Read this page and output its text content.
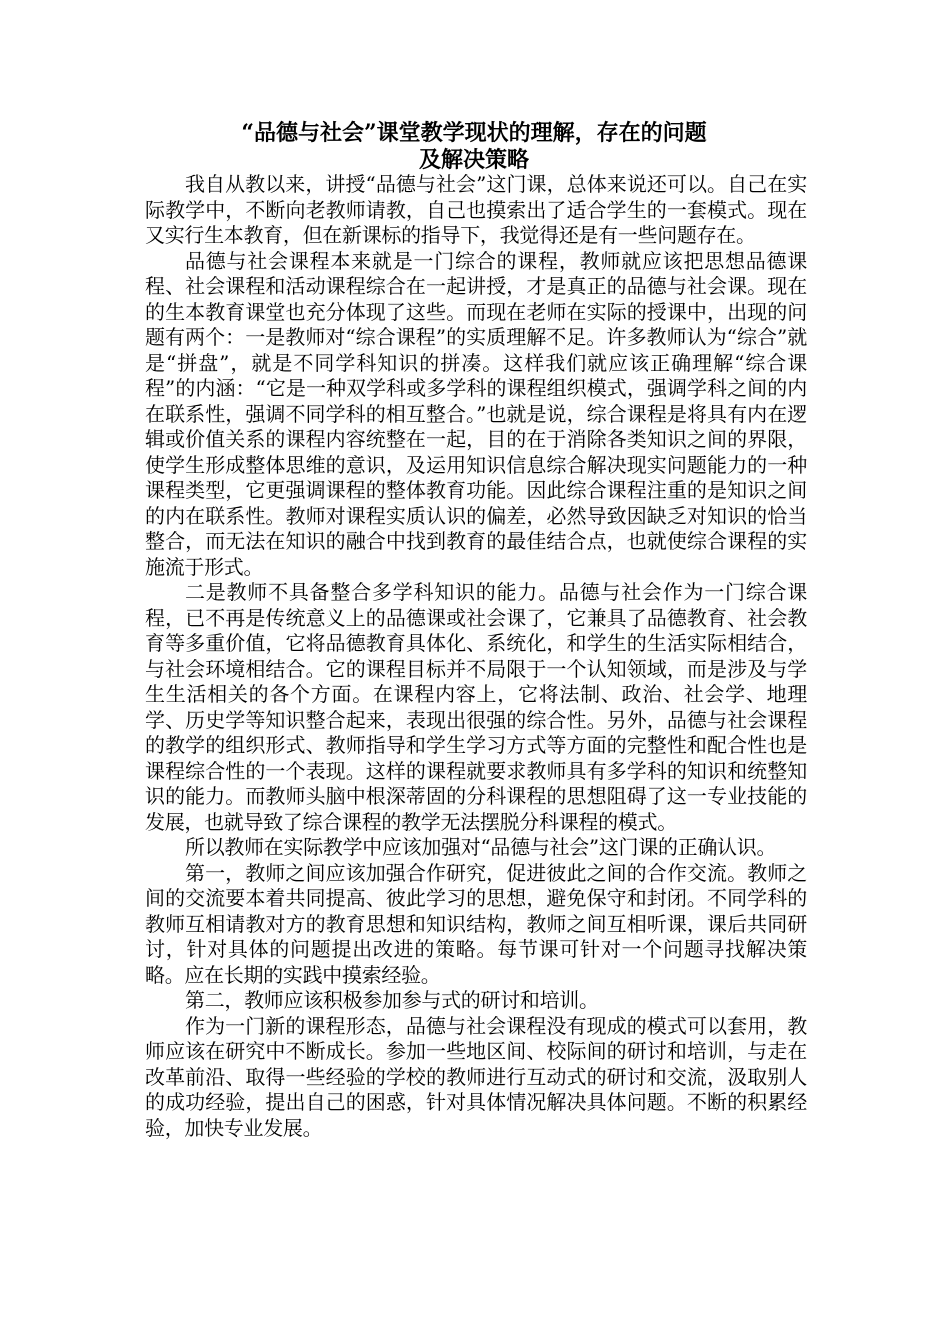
“品德与社会”课堂教学现状的理解，存在的问题
及解决策略

我自从教以来，讲授“品德与社会”这门课，总体来说还可以。自己在实际教学中，不断向老教师请教，自己也摸索出了适合学生的一套模式。现在又实行生本教育，但在新课标的指导下，我觉得还是有一些问题存在。

品德与社会课程本来就是一门综合的课程，教师就应该把思想品德课程、社会课程和活动课程综合在一起讲授，才是真正的品德与社会课。现在的生本教育课堂也充分体现了这些。而现在老师在实际的授课中，出现的问题有两个：一是教师对“综合课程”的实质理解不足。许多教师认为“综合”就是“拼盘”，就是不同学科知识的拼凑。这样我们就应该正确理解“综合课程”的内涵：“它是一种双学科或多学科的课程组织模式，强调学科之间的内在联系性，强调不同学科的相互整合。”也就是说，综合课程是将具有内在逻辑或价值关系的课程内容统整在一起，目的在于消除各类知识之间的界限，使学生形成整体思维的意识，及运用知识信息综合解决现实问题能力的一种课程类型，它更强调课程的整体教育功能。因此综合课程注重的是知识之间的内在联系性。教师对课程实质认识的偏差，必然导致因缺乏对知识的恰当整合，而无法在知识的融合中找到教育的最佳结合点，也就使综合课程的实施流于形式。

二是教师不具备整合多学科知识的能力。品德与社会作为一门综合课程，已不再是传统意义上的品德课或社会课了，它兼具了品德教育、社会教育等多重价值，它将品德教育具体化、系统化，和学生的生活实际相结合，与社会环境相结合。它的课程目标并不局限于一个认知领域，而是涉及与学生生活相关的各个方面。在课程内容上，它将法制、政治、社会学、地理学、历史学等知识整合起来，表现出很强的综合性。另外，品德与社会课程的教学的组织形式、教师指导和学生学习方式等方面的完整性和配合性也是课程综合性的一个表现。这样的课程就要求教师具有多学科的知识和统整知识的能力。而教师头脑中根深蒂固的分科课程的思想阻碍了这一专业技能的发展，也就导致了综合课程的教学无法摆脱分科课程的模式。

所以教师在实际教学中应该加强对“品德与社会”这门课的正确认识。

第一，教师之间应该加强合作研究，促进彼此之间的合作交流。教师之间的交流要本着共同提高、彼此学习的思想，避免保守和封闭。不同学科的教师互相请教对方的教育思想和知识结构，教师之间互相听课，课后共同研讨，针对具体的问题提出改进的策略。每节课可针对一个问题寻找解决策略。应在长期的实践中摸索经验。

第二，教师应该积极参加参与式的研讨和培训。

作为一门新的课程形态，品德与社会课程没有现成的模式可以套用，教师应该在研究中不断成长。参加一些地区间、校际间的研讨和培训，与走在改革前沿、取得一些经验的学校的教师进行互动式的研讨和交流，汲取别人的成功经验，提出自己的困惑，针对具体情况解决具体问题。不断的积累经验，加快专业发展。
